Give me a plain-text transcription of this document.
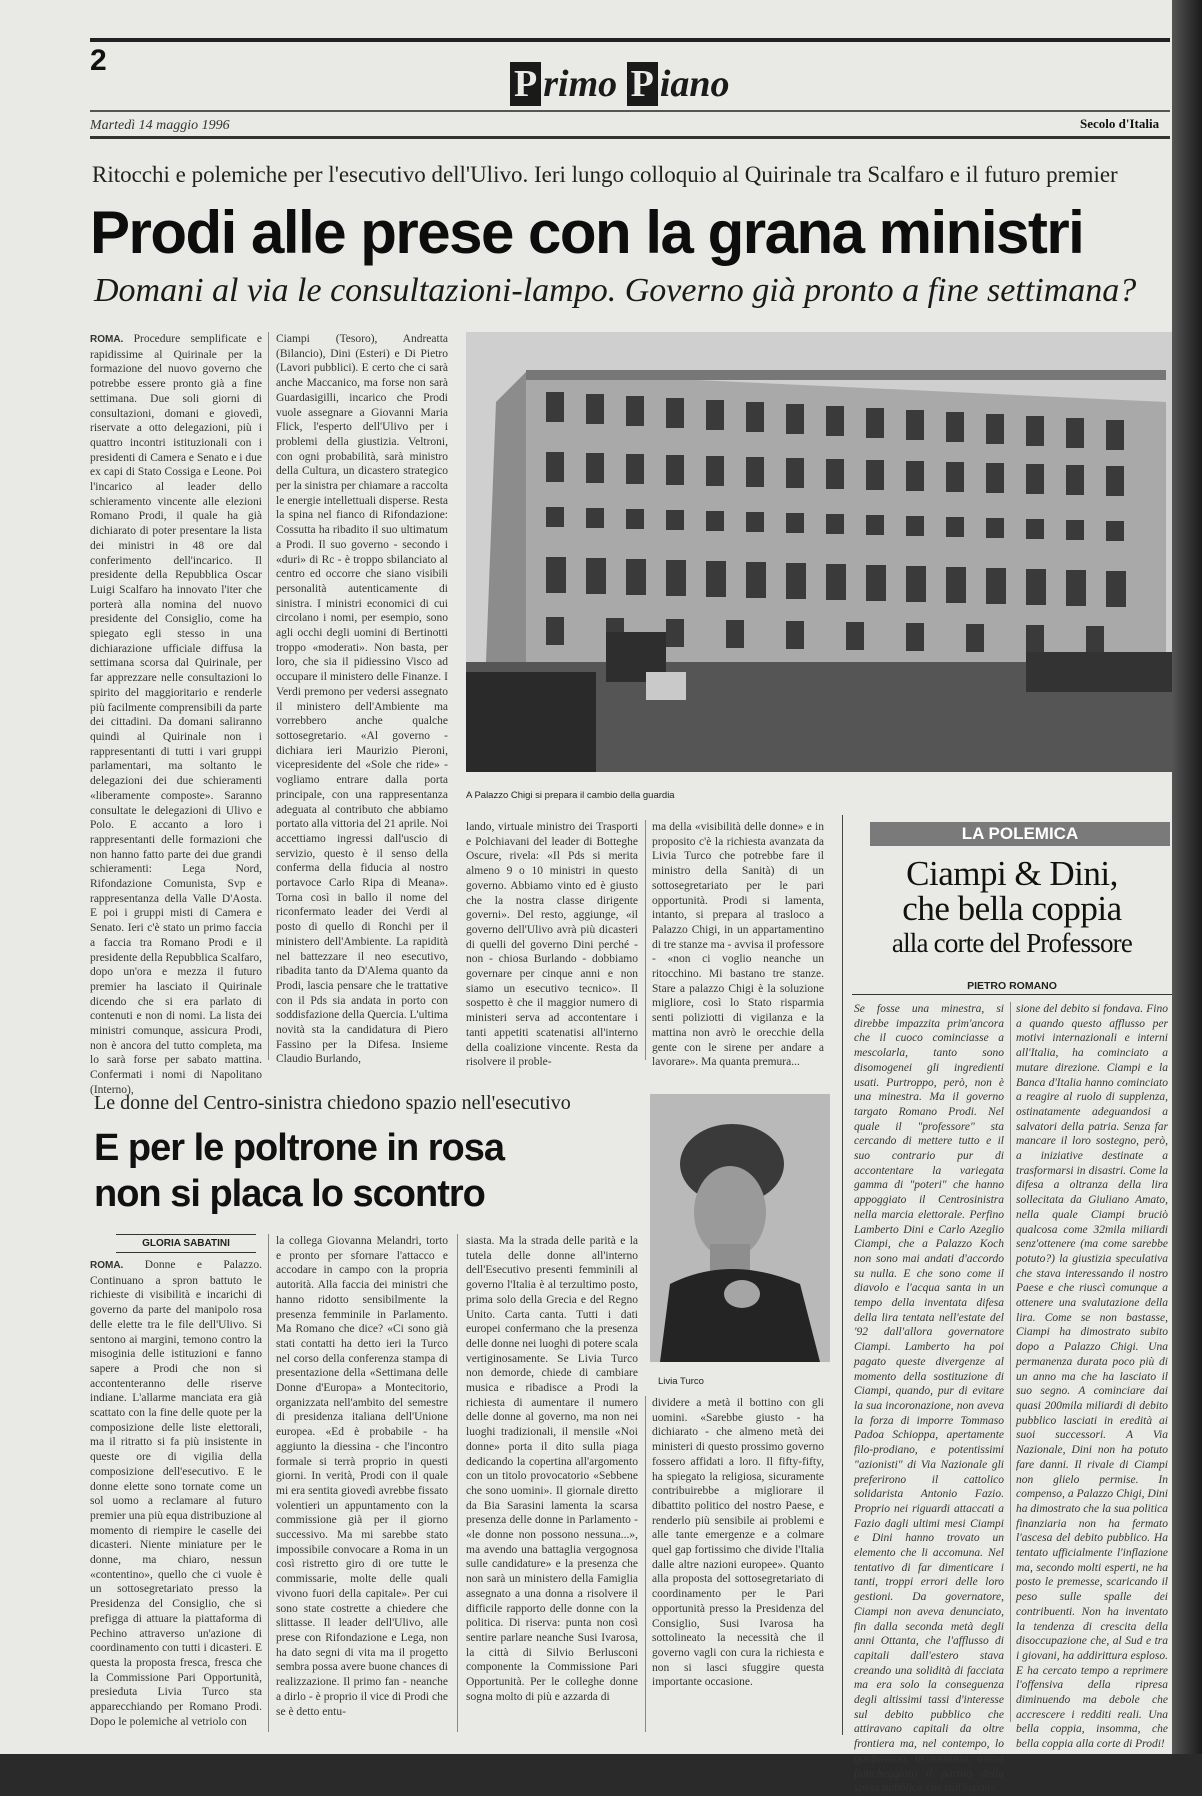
2
P rimo P iano
Martedì 14 maggio 1996	Secolo d'Italia
Ritocchi e polemiche per l'esecutivo dell'Ulivo. Ieri lungo colloquio al Quirinale tra Scalfaro e il futuro premier
Prodi alle prese con la grana ministri
Domani al via le consultazioni-lampo. Governo già pronto a fine settimana?
ROMA. Procedure semplificate e rapidissime al Quirinale per la formazione del nuovo governo che potrebbe essere pronto già a fine settimana. Due soli giorni di consultazioni, domani e giovedì, riservate a otto delegazioni, più i quattro incontri istituzionali con i presidenti di Camera e Senato e i due ex capi di Stato Cossiga e Leone. Poi l'incarico al leader dello schieramento vincente alle elezioni Romano Prodi, il quale ha già dichiarato di poter presentare la lista dei ministri in 48 ore dal conferimento dell'incarico. Il presidente della Repubblica Oscar Luigi Scalfaro ha innovato l'iter che porterà alla nomina del nuovo presidente del Consiglio, come ha spiegato egli stesso in una dichiarazione ufficiale diffusa la settimana scorsa dal Quirinale, per far apprezzare nelle consultazioni lo spirito del maggioritario e renderle più facilmente comprensibili da parte dei cittadini. Da domani saliranno quindi al Quirinale non i rappresentanti di tutti i vari gruppi parlamentari, ma soltanto le delegazioni dei due schieramenti «liberamente composte». Saranno consultate le delegazioni di Ulivo e Polo. E accanto a loro i rappresentanti delle formazioni che non hanno fatto parte dei due grandi schieramenti: Lega Nord, Rifondazione Comunista, Svp e rappresentanza della Valle D'Aosta. E poi i gruppi misti di Camera e Senato. Ieri c'è stato un primo faccia a faccia tra Romano Prodi e il presidente della Repubblica Scalfaro, dopo un'ora e mezza il futuro premier ha lasciato il Quirinale dicendo che si era parlato di contenuti e non di nomi. La lista dei ministri comunque, assicura Prodi, non è ancora del tutto completa, ma lo sarà forse per sabato mattina. Confermati i nomi di Napolitano (Interno),
Ciampi (Tesoro), Andreatta (Bilancio), Dini (Esteri) e Di Pietro (Lavori pubblici). E certo che ci sarà anche Maccanico, ma forse non sarà Guardasigilli, incarico che Prodi vuole assegnare a Giovanni Maria Flick, l'esperto dell'Ulivo per i problemi della giustizia. Veltroni, con ogni probabilità, sarà ministro della Cultura, un dicastero strategico per la sinistra per chiamare a raccolta le energie intellettuali disperse. Resta la spina nel fianco di Rifondazione: Cossutta ha ribadito il suo ultimatum a Prodi. Il suo governo - secondo i «duri» di Rc - è troppo sbilanciato al centro ed occorre che siano visibili personalità autenticamente di sinistra. I ministri economici di cui circolano i nomi, per esempio, sono agli occhi degli uomini di Bertinotti troppo «moderati». Non basta, per loro, che sia il pidiessino Visco ad occupare il ministero delle Finanze. I Verdi premono per vedersi assegnato il ministero dell'Ambiente ma vorrebbero anche qualche sottosegretario. «Al governo - dichiara ieri Maurizio Pieroni, vicepresidente del «Sole che ride» - vogliamo entrare dalla porta principale, con una rappresentanza adeguata al contributo che abbiamo portato alla vittoria del 21 aprile. Noi accettiamo ingressi dall'uscio di servizio, questo è il senso della conferma della fiducia al nostro portavoce Carlo Ripa di Meana». Torna così in ballo il nome del riconfermato leader dei Verdi al posto di quello di Ronchi per il ministero dell'Ambiente. La rapidità nel battezzare il neo esecutivo, ribadita tanto da D'Alema quanto da Prodi, lascia pensare che le trattative con il Pds sia andata in porto con soddisfazione della Quercia. L'ultima novità sta la candidatura di Piero Fassino per la Difesa. Insieme Claudio Burlando,
A Palazzo Chigi si prepara il cambio della guardia
lando, virtuale ministro dei Trasporti e Polchiavani del leader di Botteghe Oscure, rivela: «Il Pds si merita almeno 9 o 10 ministri in questo governo. Abbiamo vinto ed è giusto che la nostra classe dirigente governi». Del resto, aggiunge, «il governo dell'Ulivo avrà più dicasteri di quelli del governo Dini perché - non - chiosa Burlando - dobbiamo governare per cinque anni e non siamo un esecutivo tecnico». Il sospetto è che il maggior numero di ministeri serva ad accontentare i tanti appetiti scatenatisi all'interno della coalizione vincente. Resta da risolvere il proble-
ma della «visibilità delle donne» e in proposito c'è la richiesta avanzata da Livia Turco che potrebbe fare il ministro della Sanità) di un sottosegretariato per le pari opportunità. Prodi si lamenta, intanto, si prepara al trasloco a Palazzo Chigi, in un appartamentino di tre stanze ma - avvisa il professore - «non ci voglio neanche un ritocchino. Mi bastano tre stanze. Stare a palazzo Chigi è la soluzione migliore, così lo Stato risparmia senti poliziotti di vigilanza e la mattina non avrò le orecchie della gente con le sirene per andare a lavorare». Ma quanta premura...
LA POLEMICA
Ciampi & Dini,
che bella coppia
alla corte del Professore
PIETRO ROMANO
Se fosse una minestra, si direbbe impazzita prim'ancora che il cuoco cominciasse a mescolarla, tanto sono disomogenei gli ingredienti usati. Purtroppo, però, non è una minestra. Ma il governo targato Romano Prodi. Nel quale il "professore" sta cercando di mettere tutto e il suo contrario pur di accontentare la variegata gamma di "poteri" che hanno appoggiato il Centrosinistra nella marcia elettorale. Perfino Lamberto Dini e Carlo Azeglio Ciampi, che a Palazzo Koch non sono mai andati d'accordo su nulla. E che sono come il diavolo e l'acqua santa in un tempo della inventata difesa della lira tentata nell'estate del '92 dall'allora governatore Ciampi. Lamberto ha poi pagato queste divergenze al momento della sostituzione di Ciampi, quando, pur di evitare la sua incoronazione, non aveva la forza di imporre Tommaso Padoa Schioppa, apertamente filo-prodiano, e potentissimi "azionisti" di Via Nazionale gli preferirono il cattolico solidarista Antonio Fazio. Proprio nei riguardi attaccati a Fazio dagli ultimi mesi Ciampi e Dini hanno trovato un elemento che li accomuna. Nel tentativo di far dimenticare i tanti, troppi errori delle loro gestioni. Da governatore, Ciampi non aveva denunciato, fin dalla seconda metà degli anni Ottanta, che l'afflusso di capitali dall'estero stava creando una solidità di facciata ma era solo la conseguenza degli altissimi tassi d'interesse sul debito pubblico che attiravano capitali da oltre frontiera ma, nel contempo, lo gonfiavano. In sostanza, aveva fiancheggiato il partito della spesa pubblica che sull'espan-
sione del debito si fondava. Fino a quando questo afflusso per motivi internazionali e interni all'Italia, ha cominciato a mutare direzione. Ciampi e la Banca d'Italia hanno cominciato a reagire al ruolo di supplenza, ostinatamente adeguandosi a salvatori della patria. Senza far mancare il loro sostegno, però, a iniziative destinate a trasformarsi in disastri. Come la difesa a oltranza della lira sollecitata da Giuliano Amato, nella quale Ciampi bruciò qualcosa come 32mila miliardi senz'ottenere (ma come sarebbe potuto?) la giustizia speculativa che stava interessando il nostro Paese e che riuscì comunque a ottenere una svalutazione della lira. Come se non bastasse, Ciampi ha dimostrato subito dopo a Palazzo Chigi. Una permanenza durata poco più di un anno ma che ha lasciato il suo segno. A cominciare dai quasi 200mila miliardi di debito pubblico lasciati in eredità ai suoi successori. A Via Nazionale, Dini non ha potuto fare danni. Il rivale di Ciampi non glielo permise. In compenso, a Palazzo Chigi, Dini ha dimostrato che la sua politica finanziaria non ha fermato l'ascesa del debito pubblico. Ha tentato ufficialmente l'inflazione ma, secondo molti esperti, ne ha posto le premesse, scaricando il peso sulle spalle dei contribuenti. Non ha inventato la tendenza di crescita della disoccupazione che, al Sud e tra i giovani, ha addirittura esploso. E ha cercato tempo a reprimere l'offensiva della ripresa diminuendo ma debole che accrescere i redditi reali. Una bella coppia, insomma, che bella coppia alla corte di Prodi!
Le donne del Centro-sinistra chiedono spazio nell'esecutivo
E per le poltrone in rosa
non si placa lo scontro
GLORIA SABATINI
ROMA. Donne e Palazzo. Continuano a spron battuto le richieste di visibilità e incarichi di governo da parte del manipolo rosa delle elette tra le file dell'Ulivo. Si sentono ai margini, temono contro la misoginia delle istituzioni e fanno sapere a Prodi che non si accontenteranno delle riserve indiane. L'allarme manciata era già scattato con la fine delle quote per la composizione delle liste elettorali, ma il ritratto si fa più insistente in queste ore di vigilia della composizione dell'esecutivo. E le donne elette sono tornate come un sol uomo a reclamare al futuro premier una più equa distribuzione al momento di riempire le caselle dei dicasteri. Niente miniature per le donne, ma chiaro, nessun «contentino», quello che ci vuole è un sottosegretariato presso la Presidenza del Consiglio, che si prefigga di attuare la piattaforma di Pechino attraverso un'azione di coordinamento con tutti i dicasteri. E questa la proposta fresca, fresca che la Commissione Pari Opportunità, presieduta Livia Turco sta apparecchiando per Romano Prodi. Dopo le polemiche al vetriolo con
la collega Giovanna Melandri, torto e pronto per sfornare l'attacco e accodare in campo con la propria autorità. Alla faccia dei ministri che hanno ridotto sensibilmente la presenza femminile in Parlamento. Ma Romano che dice? «Ci sono già stati contatti ha detto ieri la Turco nel corso della conferenza stampa di presentazione della «Settimana delle Donne d'Europa» a Montecitorio, organizzata nell'ambito del semestre di presidenza italiana dell'Unione europea. «Ed è probabile - ha aggiunto la diessina - che l'incontro formale si terrà proprio in questi giorni. In verità, Prodi con il quale mi era sentita giovedì avrebbe fissato volentieri un appuntamento con la commissione già per il giorno successivo. Ma mi sarebbe stato impossibile convocare a Roma in un così ristretto giro di ore tutte le commissarie, molte delle quali vivono fuori della capitale». Per cui sono state costrette a chiedere che slittasse. Il leader dell'Ulivo, alle prese con Rifondazione e Lega, non ha dato segni di vita ma il progetto sembra possa avere buone chances di realizzazione. Il primo fan - neanche a dirlo - è proprio il vice di Prodi che se è detto entu-
siasta. Ma la strada delle parità e la tutela delle donne all'interno dell'Esecutivo presenti femminili al governo l'Italia è al terzultimo posto, prima solo della Grecia e del Regno Unito. Carta canta. Tutti i dati europei confermano che la presenza delle donne nei luoghi di potere scala vertiginosamente. Se Livia Turco non demorde, chiede di cambiare musica e ribadisce a Prodi la richiesta di aumentare il numero delle donne al governo, ma non nei luoghi tradizionali, il mensile «Noi donne» porta il dito sulla piaga dedicando la copertina all'argomento con un titolo provocatorio «Sebbene che sono uomini». Il giornale diretto da Bia Sarasini lamenta la scarsa presenza delle donne in Parlamento - «le donne non possono nessuna...», ma avendo una battaglia vergognosa sulle candidature» e la presenza che non sarà un ministero della Famiglia assegnato a una donna a risolvere il difficile rapporto delle donne con la politica. Di riserva: punta non così sentire parlare neanche Susi Ivarosa, la città di Silvio Berlusconi componente la Commissione Pari Opportunità. Per le colleghe donne sogna molto di più e azzarda di
Livia Turco
dividere a metà il bottino con gli uomini. «Sarebbe giusto - ha dichiarato - che almeno metà dei ministeri di questo prossimo governo fossero affidati a loro. Il fifty-fifty, ha spiegato la religiosa, sicuramente contribuirebbe a migliorare il dibattito politico del nostro Paese, e renderlo più sensibile ai problemi e alle tante emergenze e a colmare quel gap fortissimo che divide l'Italia dalle altre nazioni europee». Quanto alla proposta del sottosegretariato di coordinamento per le Pari opportunità presso la Presidenza del Consiglio, Susi Ivarosa ha sottolineato la necessità che il governo vagli con cura la richiesta e non si lasci sfuggire questa importante occasione.
